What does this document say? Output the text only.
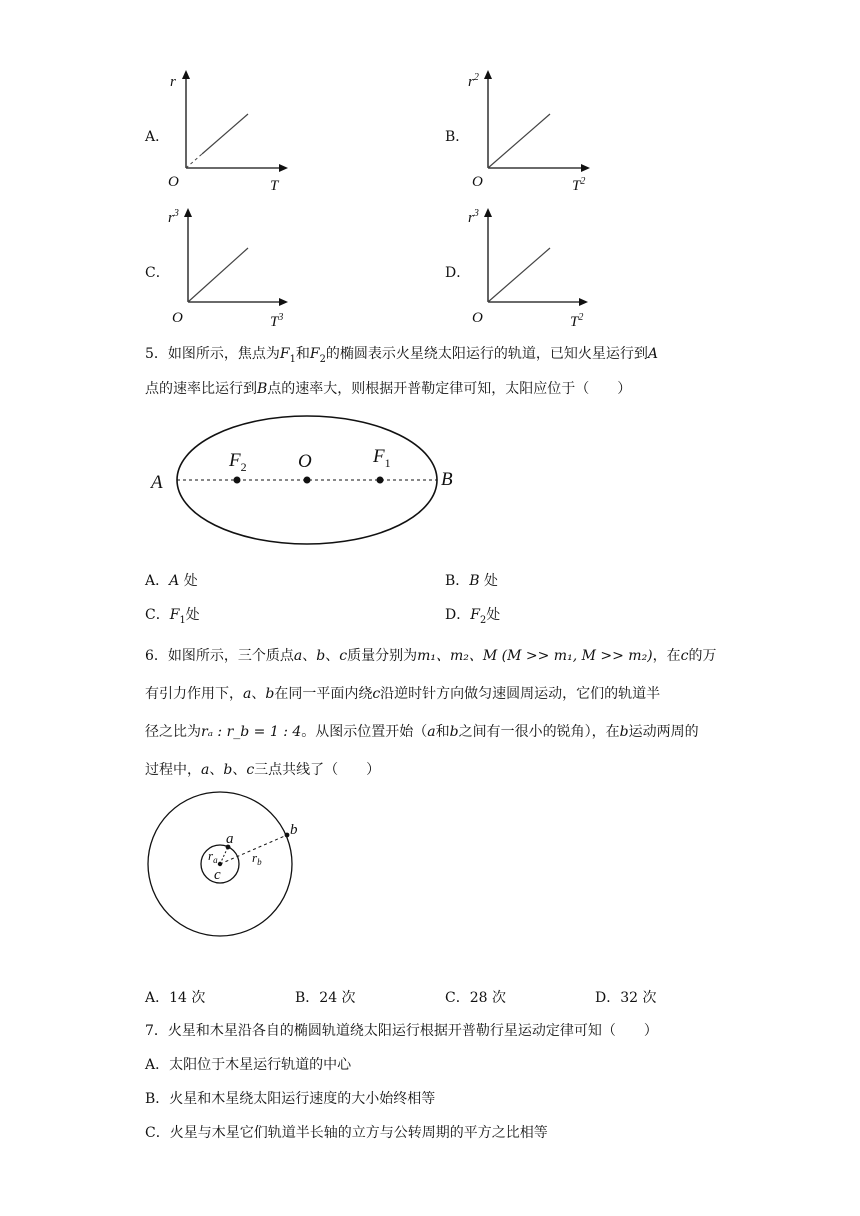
A．
r
O	T
B．
$r^2$
O	$T^2$
C．
$r^3$
O	$T^3$
D．
$r^3$
O	$T^2$
5．如图所示，焦点为$F_1$和$F_2$的椭圆表示火星绕太阳运行的轨道，已知火星运行到A
点的速率比运行到B点的速率大，则根据开普勒定律可知，太阳应位于（　　）
A	B
O
$F_2$	$F_1$
A．A 处	B．B 处
C．$F_1$处	D．$F_2$处
6．如图所示，三个质点a、b、c质量分别为m₁、m₂、M (M >> m₁, M >> m₂)，在c的万
有引力作用下，a、b在同一平面内绕c沿逆时针方向做匀速圆周运动，它们的轨道半
径之比为rₐ : r_b = 1 : 4。从图示位置开始（a和b之间有一很小的锐角），在b运动两周的
过程中，a、b、c三点共线了（　　）
a
b
c
$r_a$	$r_b$
A．14 次	B．24 次	C．28 次	D．32 次
7．火星和木星沿各自的椭圆轨道绕太阳运行根据开普勒行星运动定律可知（　　）
A．太阳位于木星运行轨道的中心
B．火星和木星绕太阳运行速度的大小始终相等
C．火星与木星它们轨道半长轴的立方与公转周期的平方之比相等
